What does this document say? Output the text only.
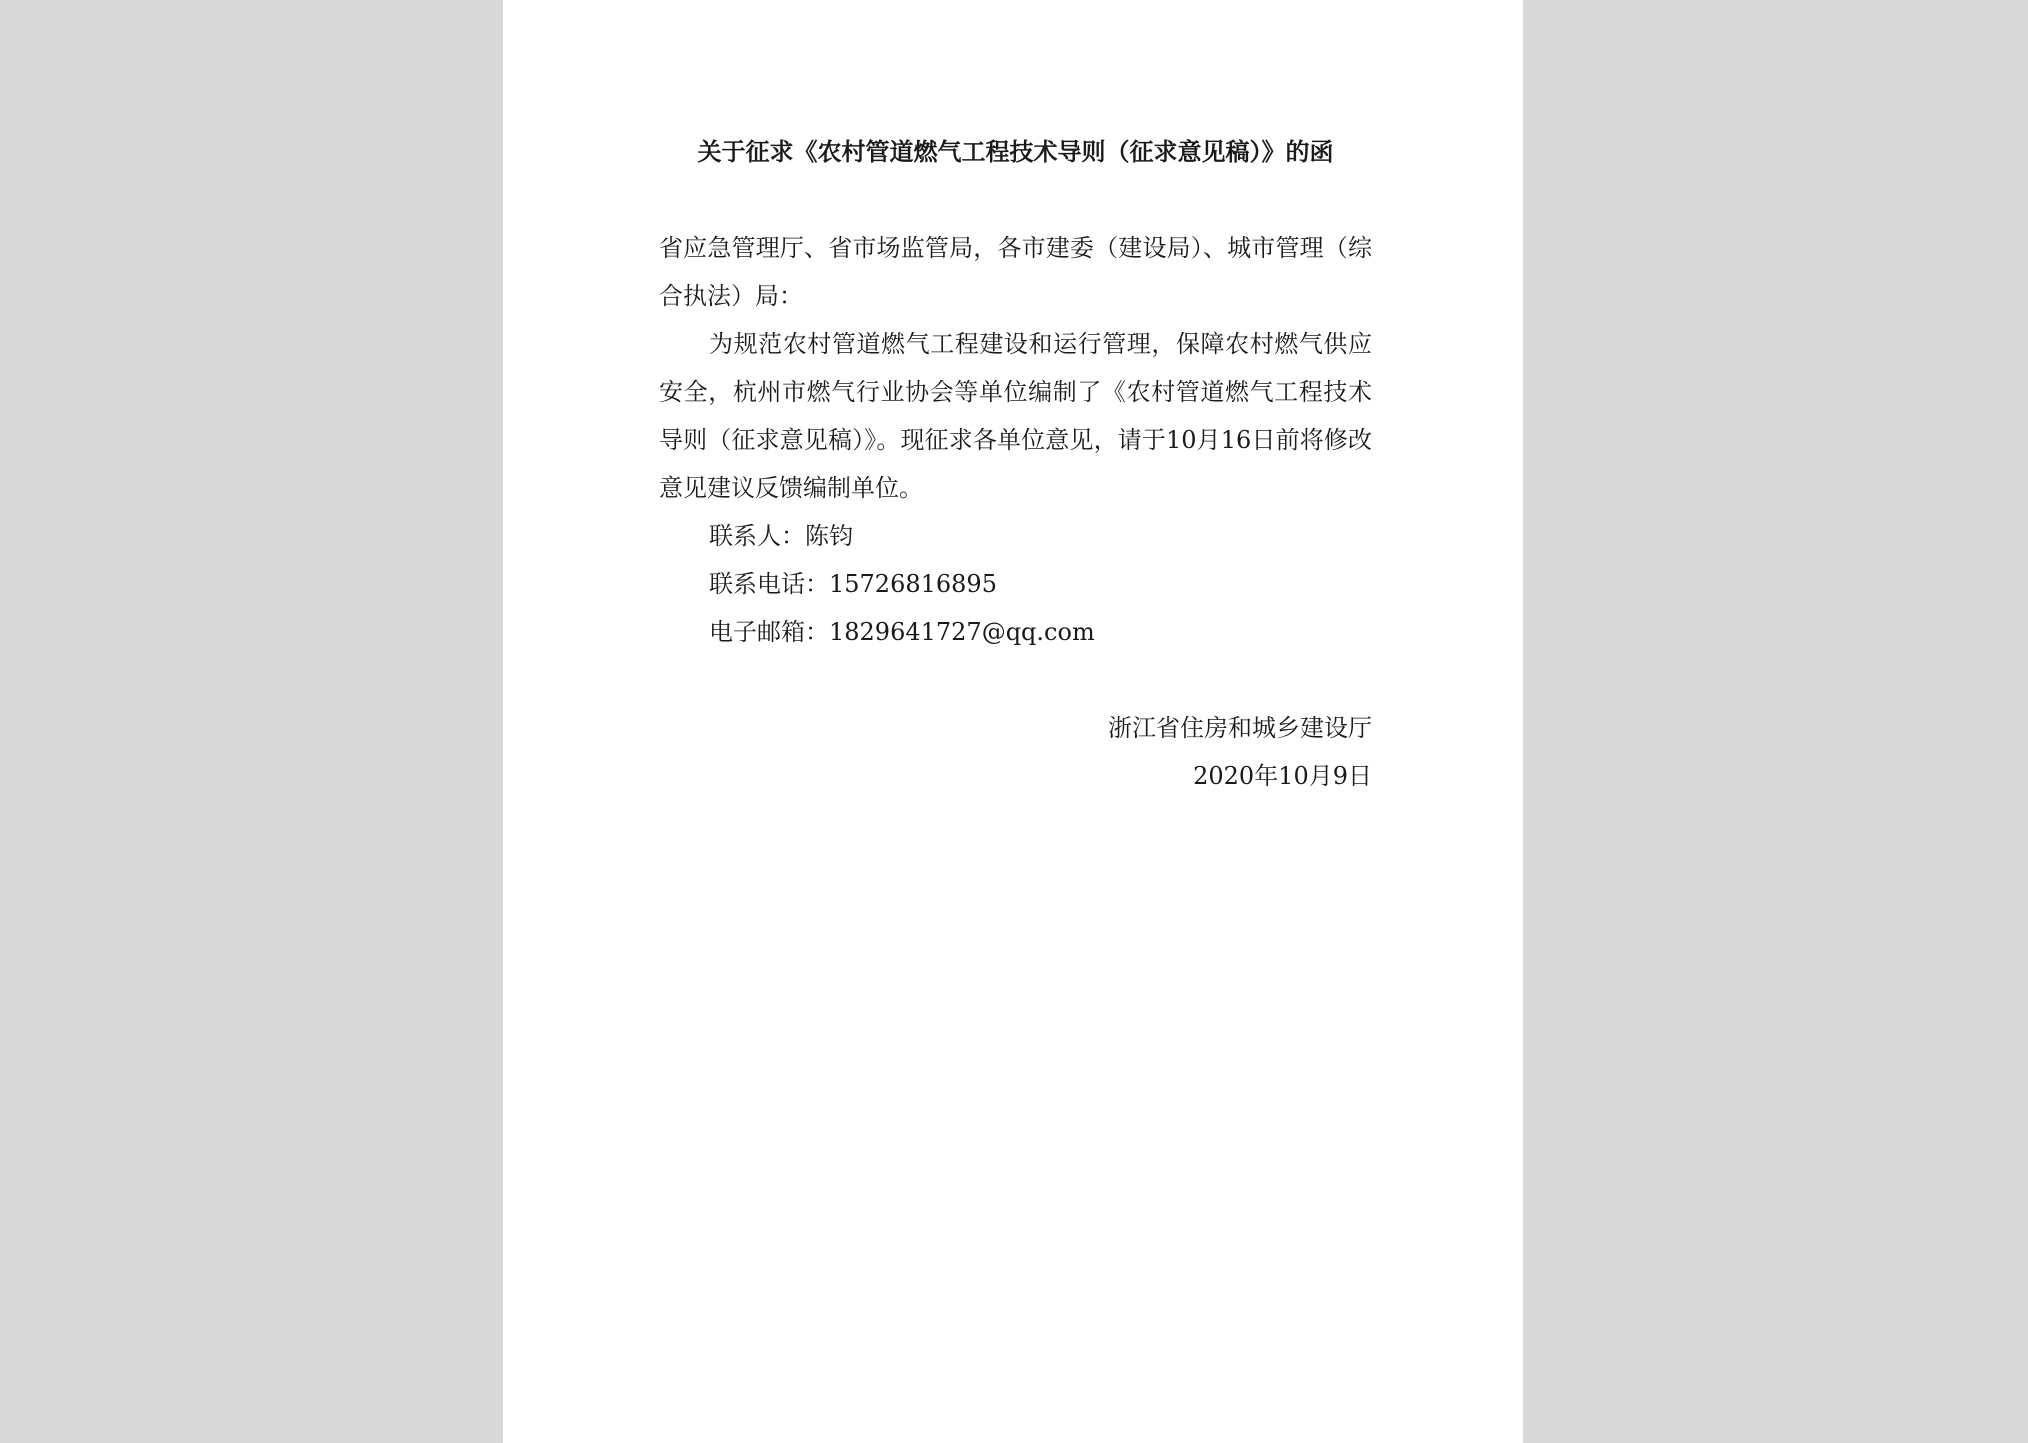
关于征求《农村管道燃气工程技术导则（征求意见稿）》的函
省应急管理厅、省市场监管局，各市建委（建设局）、城市管理（综合执法）局：
为规范农村管道燃气工程建设和运行管理，保障农村燃气供应安全，杭州市燃气行业协会等单位编制了《农村管道燃气工程技术导则（征求意见稿）》。现征求各单位意见，请于10月16日前将修改意见建议反馈编制单位。
联系人：陈钧
联系电话：15726816895
电子邮箱：1829641727@qq.com
浙江省住房和城乡建设厅
2020年10月9日
